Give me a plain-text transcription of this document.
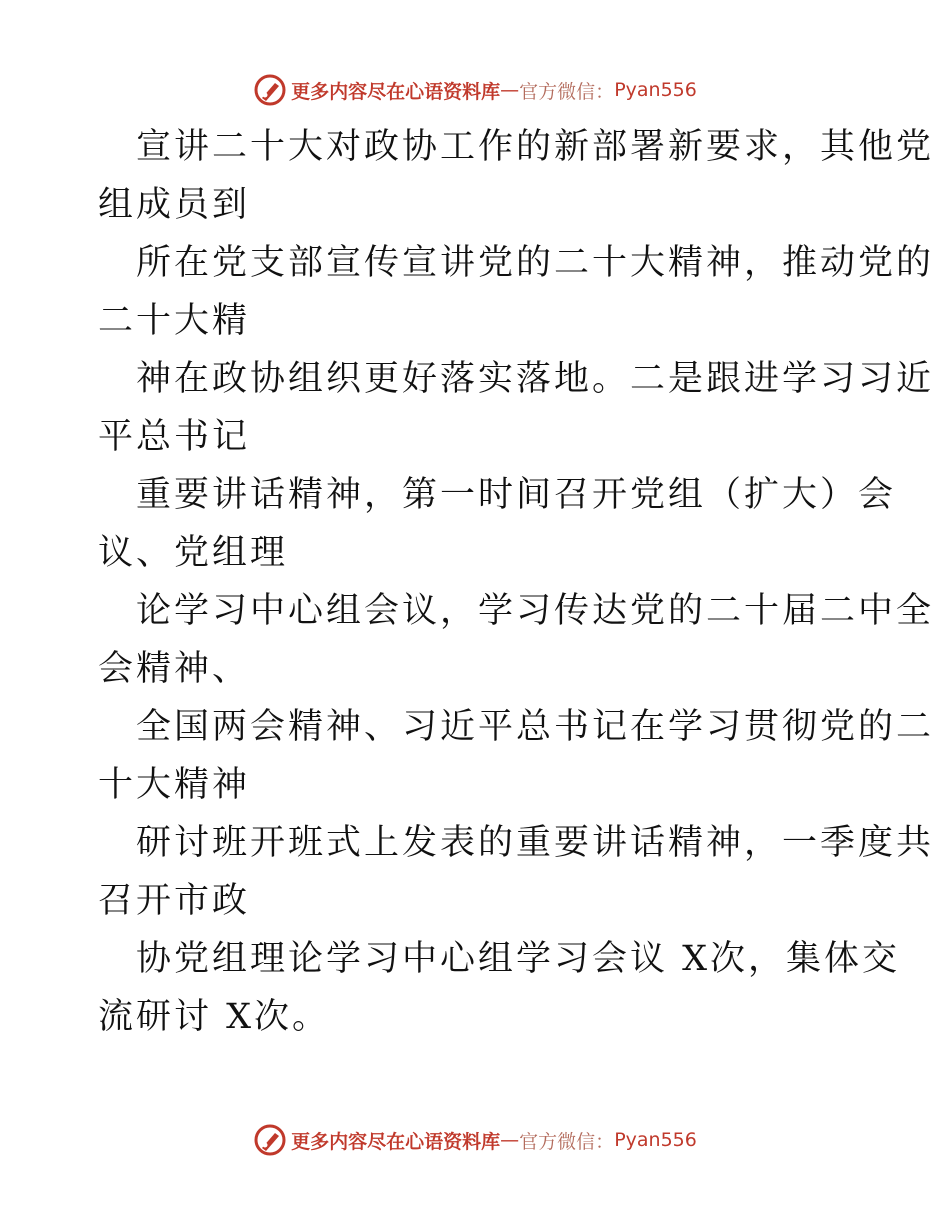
更多内容尽在心语资料库 — 官方微信： Pyan556
宣讲二十大对政协工作的新部署新要求，其他党
组成员到
所在党支部宣传宣讲党的二十大精神，推动党的
二十大精
神在政协组织更好落实落地。二是跟进学习习近
平总书记
重要讲话精神，第一时间召开党组（扩大）会
议、党组理
论学习中心组会议，学习传达党的二十届二中全
会精神、
全国两会精神、习近平总书记在学习贯彻党的二
十大精神
研讨班开班式上发表的重要讲话精神，一季度共
召开市政
协党组理论学习中心组学习会议 X次，集体交
流研讨 X次。
更多内容尽在心语资料库 — 官方微信： Pyan556
